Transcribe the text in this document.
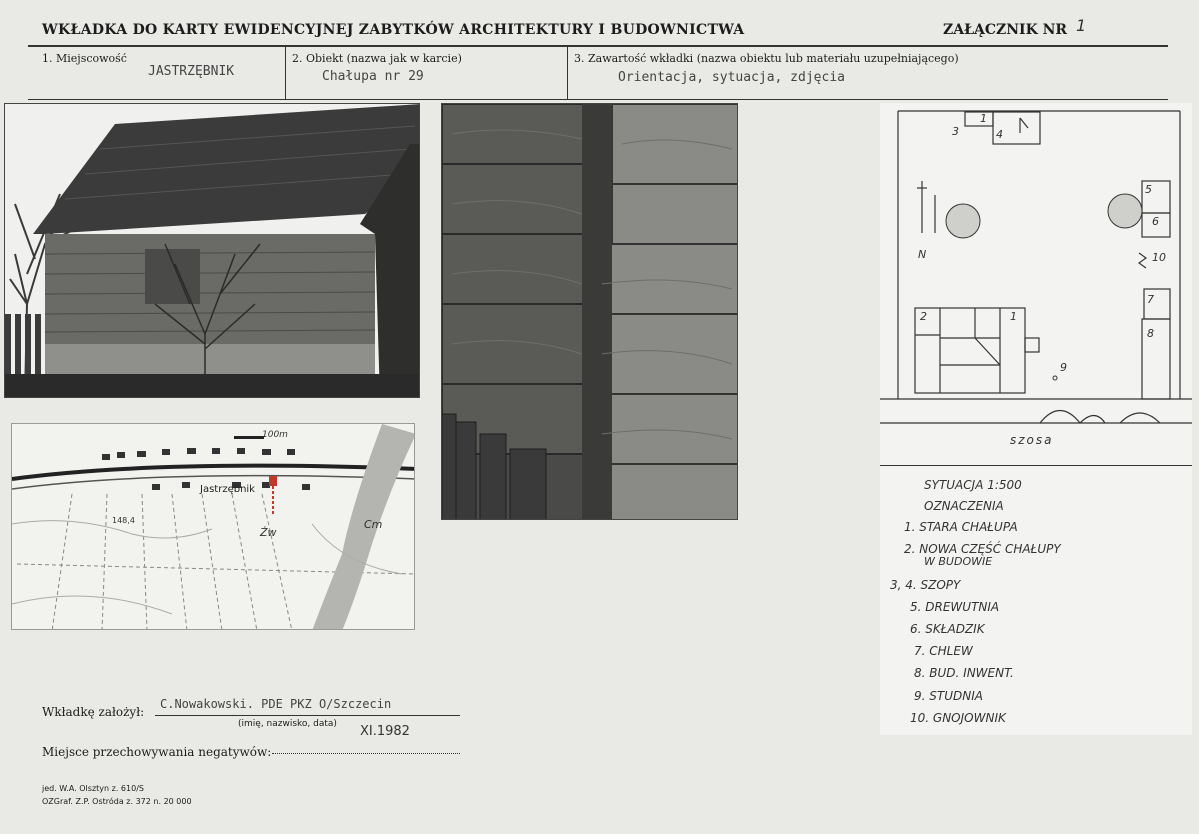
WKŁADKA DO KARTY EWIDENCYJNEJ ZABYTKÓW ARCHITEKTURY I BUDOWNICTWA	ZAŁĄCZNIK NR 1
1. Miejscowość
JASTRZĘBNIK
2. Obiekt (nazwa jak w karcie)
Chałupa nr 29
3. Zawartość wkładki (nazwa obiektu lub materiału uzupełniającego)
Orientacja, sytuacja, zdjęcia
100m
Jastrzębnik
148,4
Żw
Cm
1
3	4
5
6
10
7
8
2	1
9
N
szosa
SYTUACJA 1:500
OZNACZENIA
1. STARA CHAŁUPA
2. NOWA CZĘŚĆ CHAŁUPY
W BUDOWIE
3, 4. SZOPY
5. DREWUTNIA
6. SKŁADZIK
7. CHLEW
8. BUD. INWENT.
9. STUDNIA
10. GNOJOWNIK
Wkładkę założył:
C.Nowakowski. PDE PKZ O/Szczecin
(imię, nazwisko, data) XI.1982
Miejsce przechowywania negatywów:
jed. W.A. Olsztyn z. 610/S
OZGraf. Z.P. Ostróda z. 372 n. 20 000
